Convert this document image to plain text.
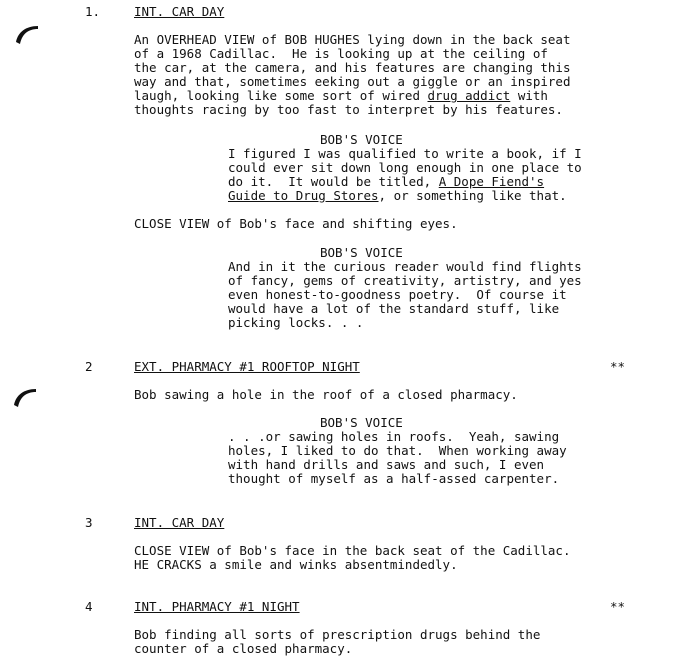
1.	INT. CAR DAY
An OVERHEAD VIEW of BOB HUGHES lying down in the back seat
of a 1968 Cadillac.  He is looking up at the ceiling of
the car, at the camera, and his features are changing this
way and that, sometimes eeking out a giggle or an inspired
laugh, looking like some sort of wired drug addict with
thoughts racing by too fast to interpret by his features.
BOB'S VOICE
I figured I was qualified to write a book, if I
could ever sit down long enough in one place to
do it.  It would be titled, A Dope Fiend's
Guide to Drug Stores, or something like that.
CLOSE VIEW of Bob's face and shifting eyes.
BOB'S VOICE
And in it the curious reader would find flights
of fancy, gems of creativity, artistry, and yes
even honest-to-goodness poetry.  Of course it
would have a lot of the standard stuff, like
picking locks. . .
2	EXT. PHARMACY #1 ROOFTOP NIGHT	**
Bob sawing a hole in the roof of a closed pharmacy.
BOB'S VOICE
. . .or sawing holes in roofs.  Yeah, sawing
holes, I liked to do that.  When working away
with hand drills and saws and such, I even
thought of myself as a half-assed carpenter.
3	INT. CAR DAY
CLOSE VIEW of Bob's face in the back seat of the Cadillac.
HE CRACKS a smile and winks absentmindedly.
4	INT. PHARMACY #1 NIGHT	**
Bob finding all sorts of prescription drugs behind the
counter of a closed pharmacy.
